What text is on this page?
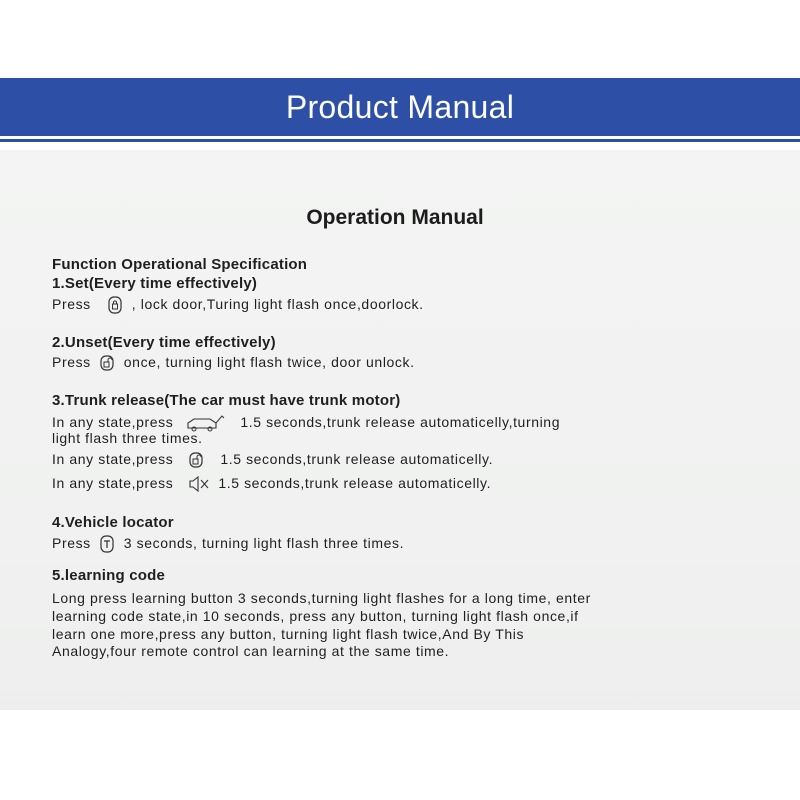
Product Manual
Operation Manual
Function Operational Specification
1.Set(Every time effectively)
Press	, lock door,Turing light flash once,doorlock.
2.Unset(Every time effectively)
Press once, turning light flash twice, door unlock.
3.Trunk release(The car must have trunk motor)
In any state,press	1.5 seconds,trunk release automaticelly,turning
light flash three times.
In any state,press	1.5 seconds,trunk release automaticelly.
In any state,press	1.5 seconds,trunk release automaticelly.
4.Vehicle locator
Press 3 seconds, turning light flash three times.
5.learning code
Long press learning button 3 seconds,turning light flashes for a long time, enter
learning code state,in 10 seconds, press any button, turning light flash once,if
learn one more,press any button, turning light flash twice,And By This
Analogy,four remote control can learning at the same time.
